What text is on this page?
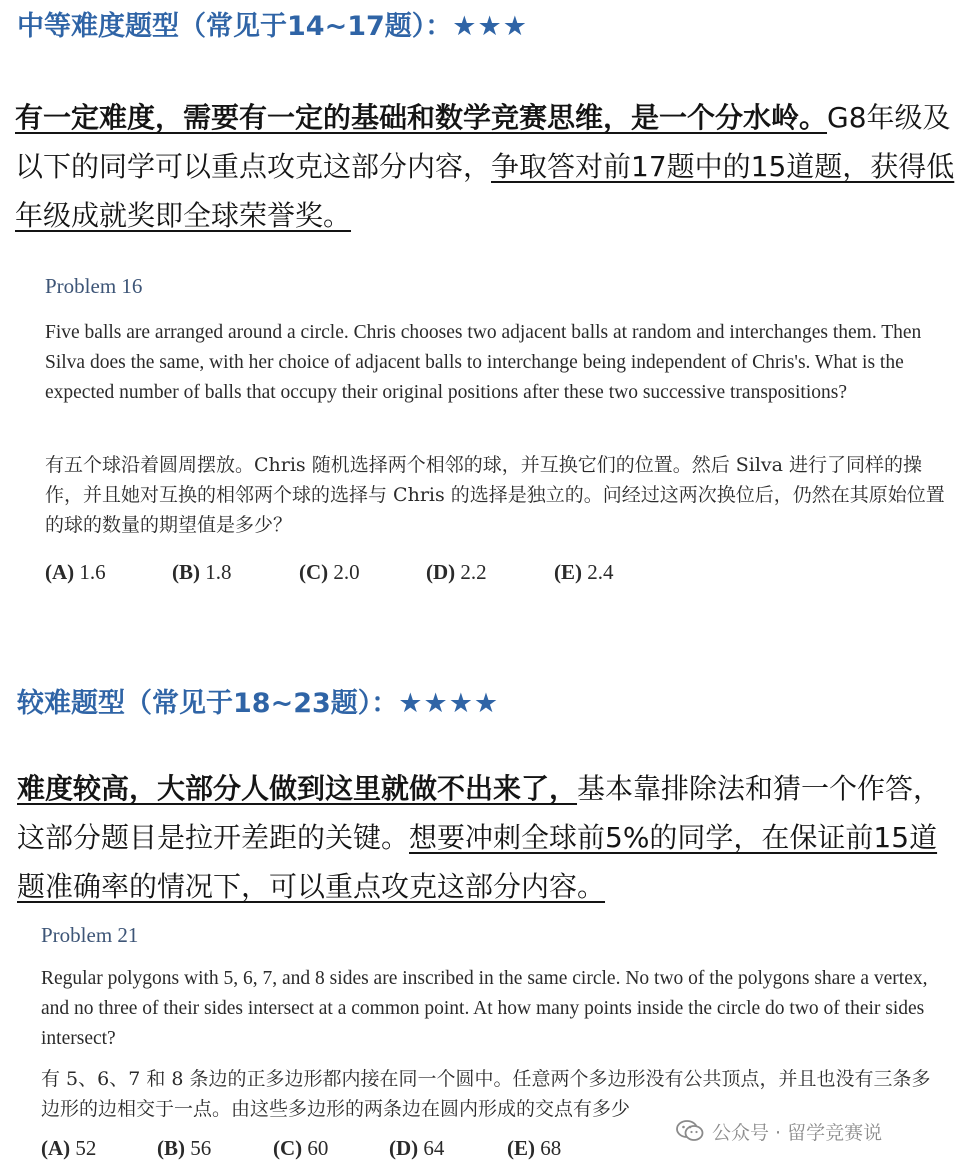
中等难度题型（常见于14~17题）：★★★
有一定难度，需要有一定的基础和数学竞赛思维，是一个分水岭。G8年级及以下的同学可以重点攻克这部分内容，争取答对前17题中的15道题，获得低年级成就奖即全球荣誉奖。
Problem 16
Five balls are arranged around a circle. Chris chooses two adjacent balls at random and interchanges them. Then Silva does the same, with her choice of adjacent balls to interchange being independent of Chris's. What is the expected number of balls that occupy their original positions after these two successive transpositions?
有五个球沿着圆周摆放。Chris 随机选择两个相邻的球，并互换它们的位置。然后 Silva 进行了同样的操作，并且她对互换的相邻两个球的选择与 Chris 的选择是独立的。问经过这两次换位后，仍然在其原始位置的球的数量的期望值是多少？
(A) 1.6	(B) 1.8	(C) 2.0	(D) 2.2	(E) 2.4
较难题型（常见于18~23题）：★★★★
难度较高，大部分人做到这里就做不出来了，基本靠排除法和猜一个作答，这部分题目是拉开差距的关键。想要冲刺全球前5%的同学，在保证前15道题准确率的情况下，可以重点攻克这部分内容。
Problem 21
Regular polygons with 5, 6, 7, and 8 sides are inscribed in the same circle. No two of the polygons share a vertex, and no three of their sides intersect at a common point. At how many points inside the circle do two of their sides intersect?
有 5、6、7 和 8 条边的正多边形都内接在同一个圆中。任意两个多边形没有公共顶点，并且也没有三条多边形的边相交于一点。由这些多边形的两条边在圆内形成的交点有多少
(A) 52	(B) 56	(C) 60	(D) 64	(E) 68
公众号 · 留学竞赛说
